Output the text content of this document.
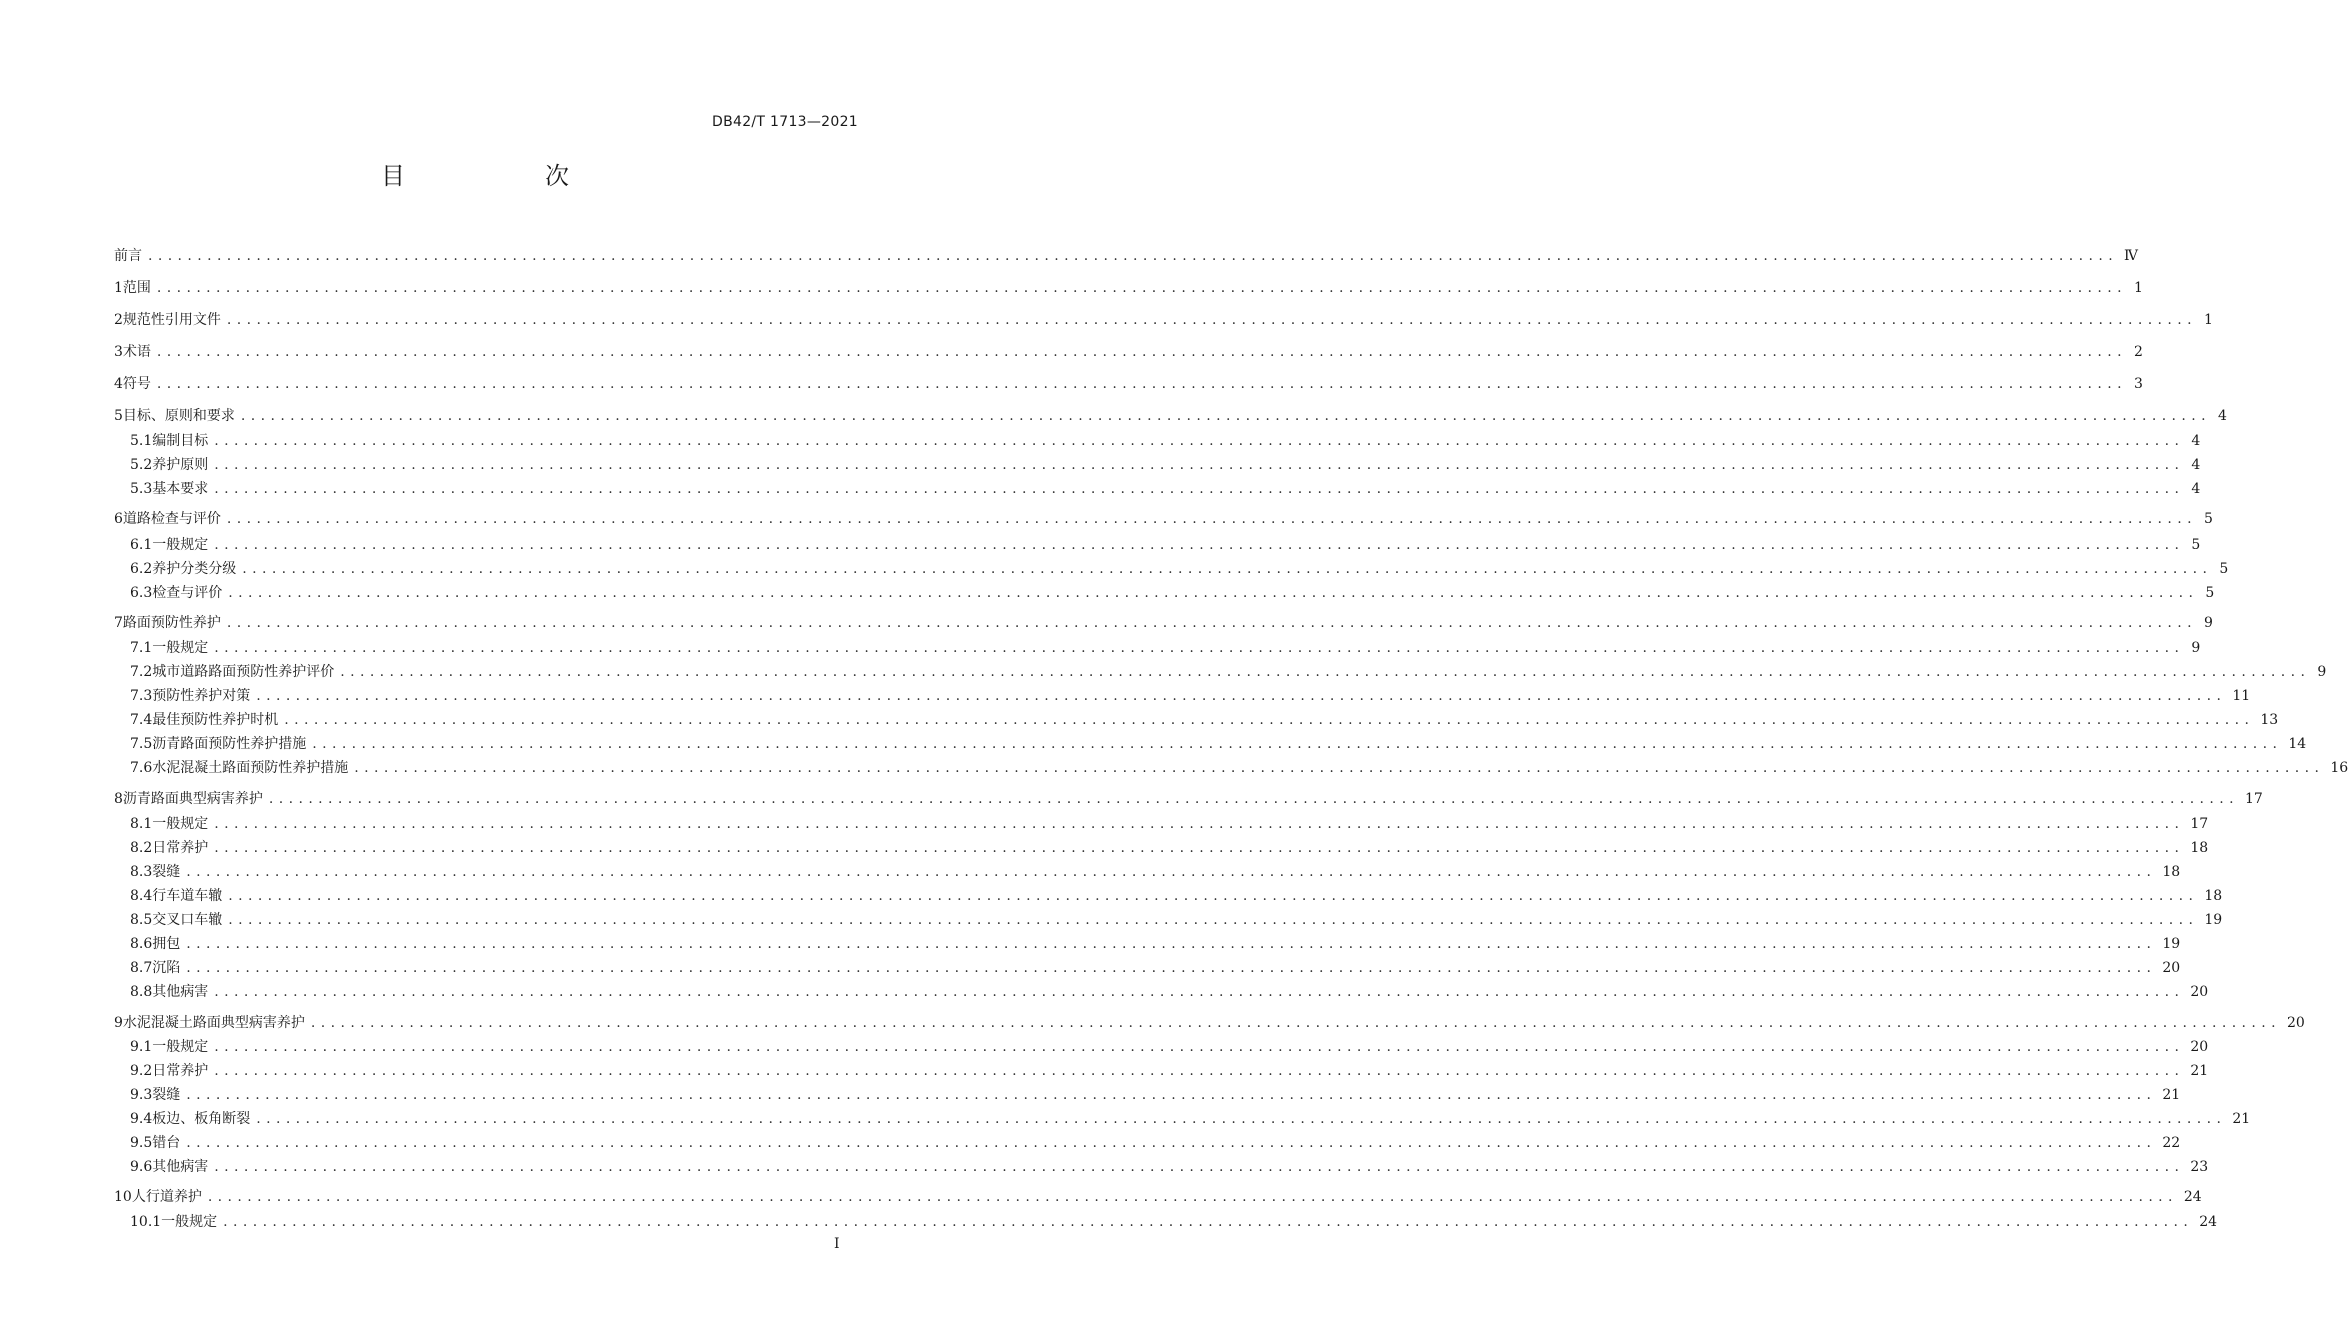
DB42/T 1713—2021
目　次
前言 ........................................................................................................................................................................................................ Ⅳ
1 范围 ........................................................................................................................................................................................................ 1
2 规范性引用文件 ........................................................................................................................................................................................................ 1
3 术语 ........................................................................................................................................................................................................ 2
4 符号 ........................................................................................................................................................................................................ 3
5 目标、原则和要求 ........................................................................................................................................................................................................ 4
5.1 编制目标 ........................................................................................................................................................................................................ 4
5.2 养护原则 ........................................................................................................................................................................................................ 4
5.3 基本要求 ........................................................................................................................................................................................................ 4
6 道路检查与评价 ........................................................................................................................................................................................................ 5
6.1 一般规定 ........................................................................................................................................................................................................ 5
6.2 养护分类分级 ........................................................................................................................................................................................................ 5
6.3 检查与评价 ........................................................................................................................................................................................................ 5
7 路面预防性养护 ........................................................................................................................................................................................................ 9
7.1 一般规定 ........................................................................................................................................................................................................ 9
7.2 城市道路路面预防性养护评价 ........................................................................................................................................................................................................ 9
7.3 预防性养护对策 ........................................................................................................................................................................................................ 11
7.4 最佳预防性养护时机 ........................................................................................................................................................................................................ 13
7.5 沥青路面预防性养护措施 ........................................................................................................................................................................................................ 14
7.6 水泥混凝土路面预防性养护措施 ........................................................................................................................................................................................................ 16
8 沥青路面典型病害养护 ........................................................................................................................................................................................................ 17
8.1 一般规定 ........................................................................................................................................................................................................ 17
8.2 日常养护 ........................................................................................................................................................................................................ 18
8.3 裂缝 ........................................................................................................................................................................................................ 18
8.4 行车道车辙 ........................................................................................................................................................................................................ 18
8.5 交叉口车辙 ........................................................................................................................................................................................................ 19
8.6 拥包 ........................................................................................................................................................................................................ 19
8.7 沉陷 ........................................................................................................................................................................................................ 20
8.8 其他病害 ........................................................................................................................................................................................................ 20
9 水泥混凝土路面典型病害养护 ........................................................................................................................................................................................................ 20
9.1 一般规定 ........................................................................................................................................................................................................ 20
9.2 日常养护 ........................................................................................................................................................................................................ 21
9.3 裂缝 ........................................................................................................................................................................................................ 21
9.4 板边、板角断裂 ........................................................................................................................................................................................................ 21
9.5 错台 ........................................................................................................................................................................................................ 22
9.6 其他病害 ........................................................................................................................................................................................................ 23
10 人行道养护 ........................................................................................................................................................................................................ 24
10.1 一般规定 ........................................................................................................................................................................................................ 24
Ⅰ
